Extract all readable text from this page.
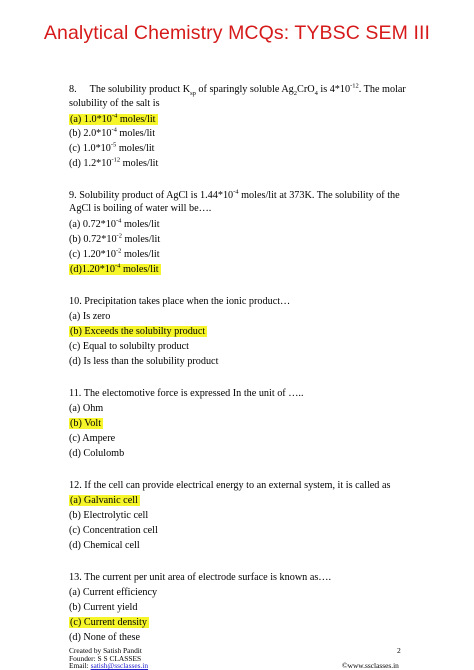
Analytical Chemistry MCQs: TYBSC SEM III
8. The solubility product $K_{sp}$ of sparingly soluble $Ag_2CrO_4$ is $4*10^{-12}$. The molar
solubility of the salt is
(a) $1.0*10^{-4}$ moles/lit
(b) $2.0*10^{-4}$ moles/lit
(c) $1.0*10^{-5}$ moles/lit
(d) $1.2*10^{-12}$ moles/lit
9. Solubility product of AgCl is $1.44*10^{-4}$ moles/lit at 373K. The solubility of the
AgCl is boiling of water will be….
(a) $0.72*10^{-4}$ moles/lit
(b) $0.72*10^{-2}$ moles/lit
(c) $1.20*10^{-2}$ moles/lit
$(d)1.20*10^{-4}$ moles/lit
10. Precipitation takes place when the ionic product…
(a) Is zero
(b) Exceeds the solubilty product
(c) Equal to solubilty product
(d) Is less than the solubility product
11. The electomotive force is expressed In the unit of …..
(a) Ohm
(b) Volt
(c) Ampere
(d) Colulomb
12. If the cell can provide electrical energy to an external system, it is called as
(a) Galvanic cell
(b) Electrolytic cell
(c) Concentration cell
(d) Chemical cell
13. The current per unit area of electrode surface is known as….
(a) Current efficiency
(b) Current yield
(c) Current density
(d) None of these
Created by Satish Pandit
Founder: S S CLASSES
Email: satish@ssclasses.in
2
©www.ssclasses.in
